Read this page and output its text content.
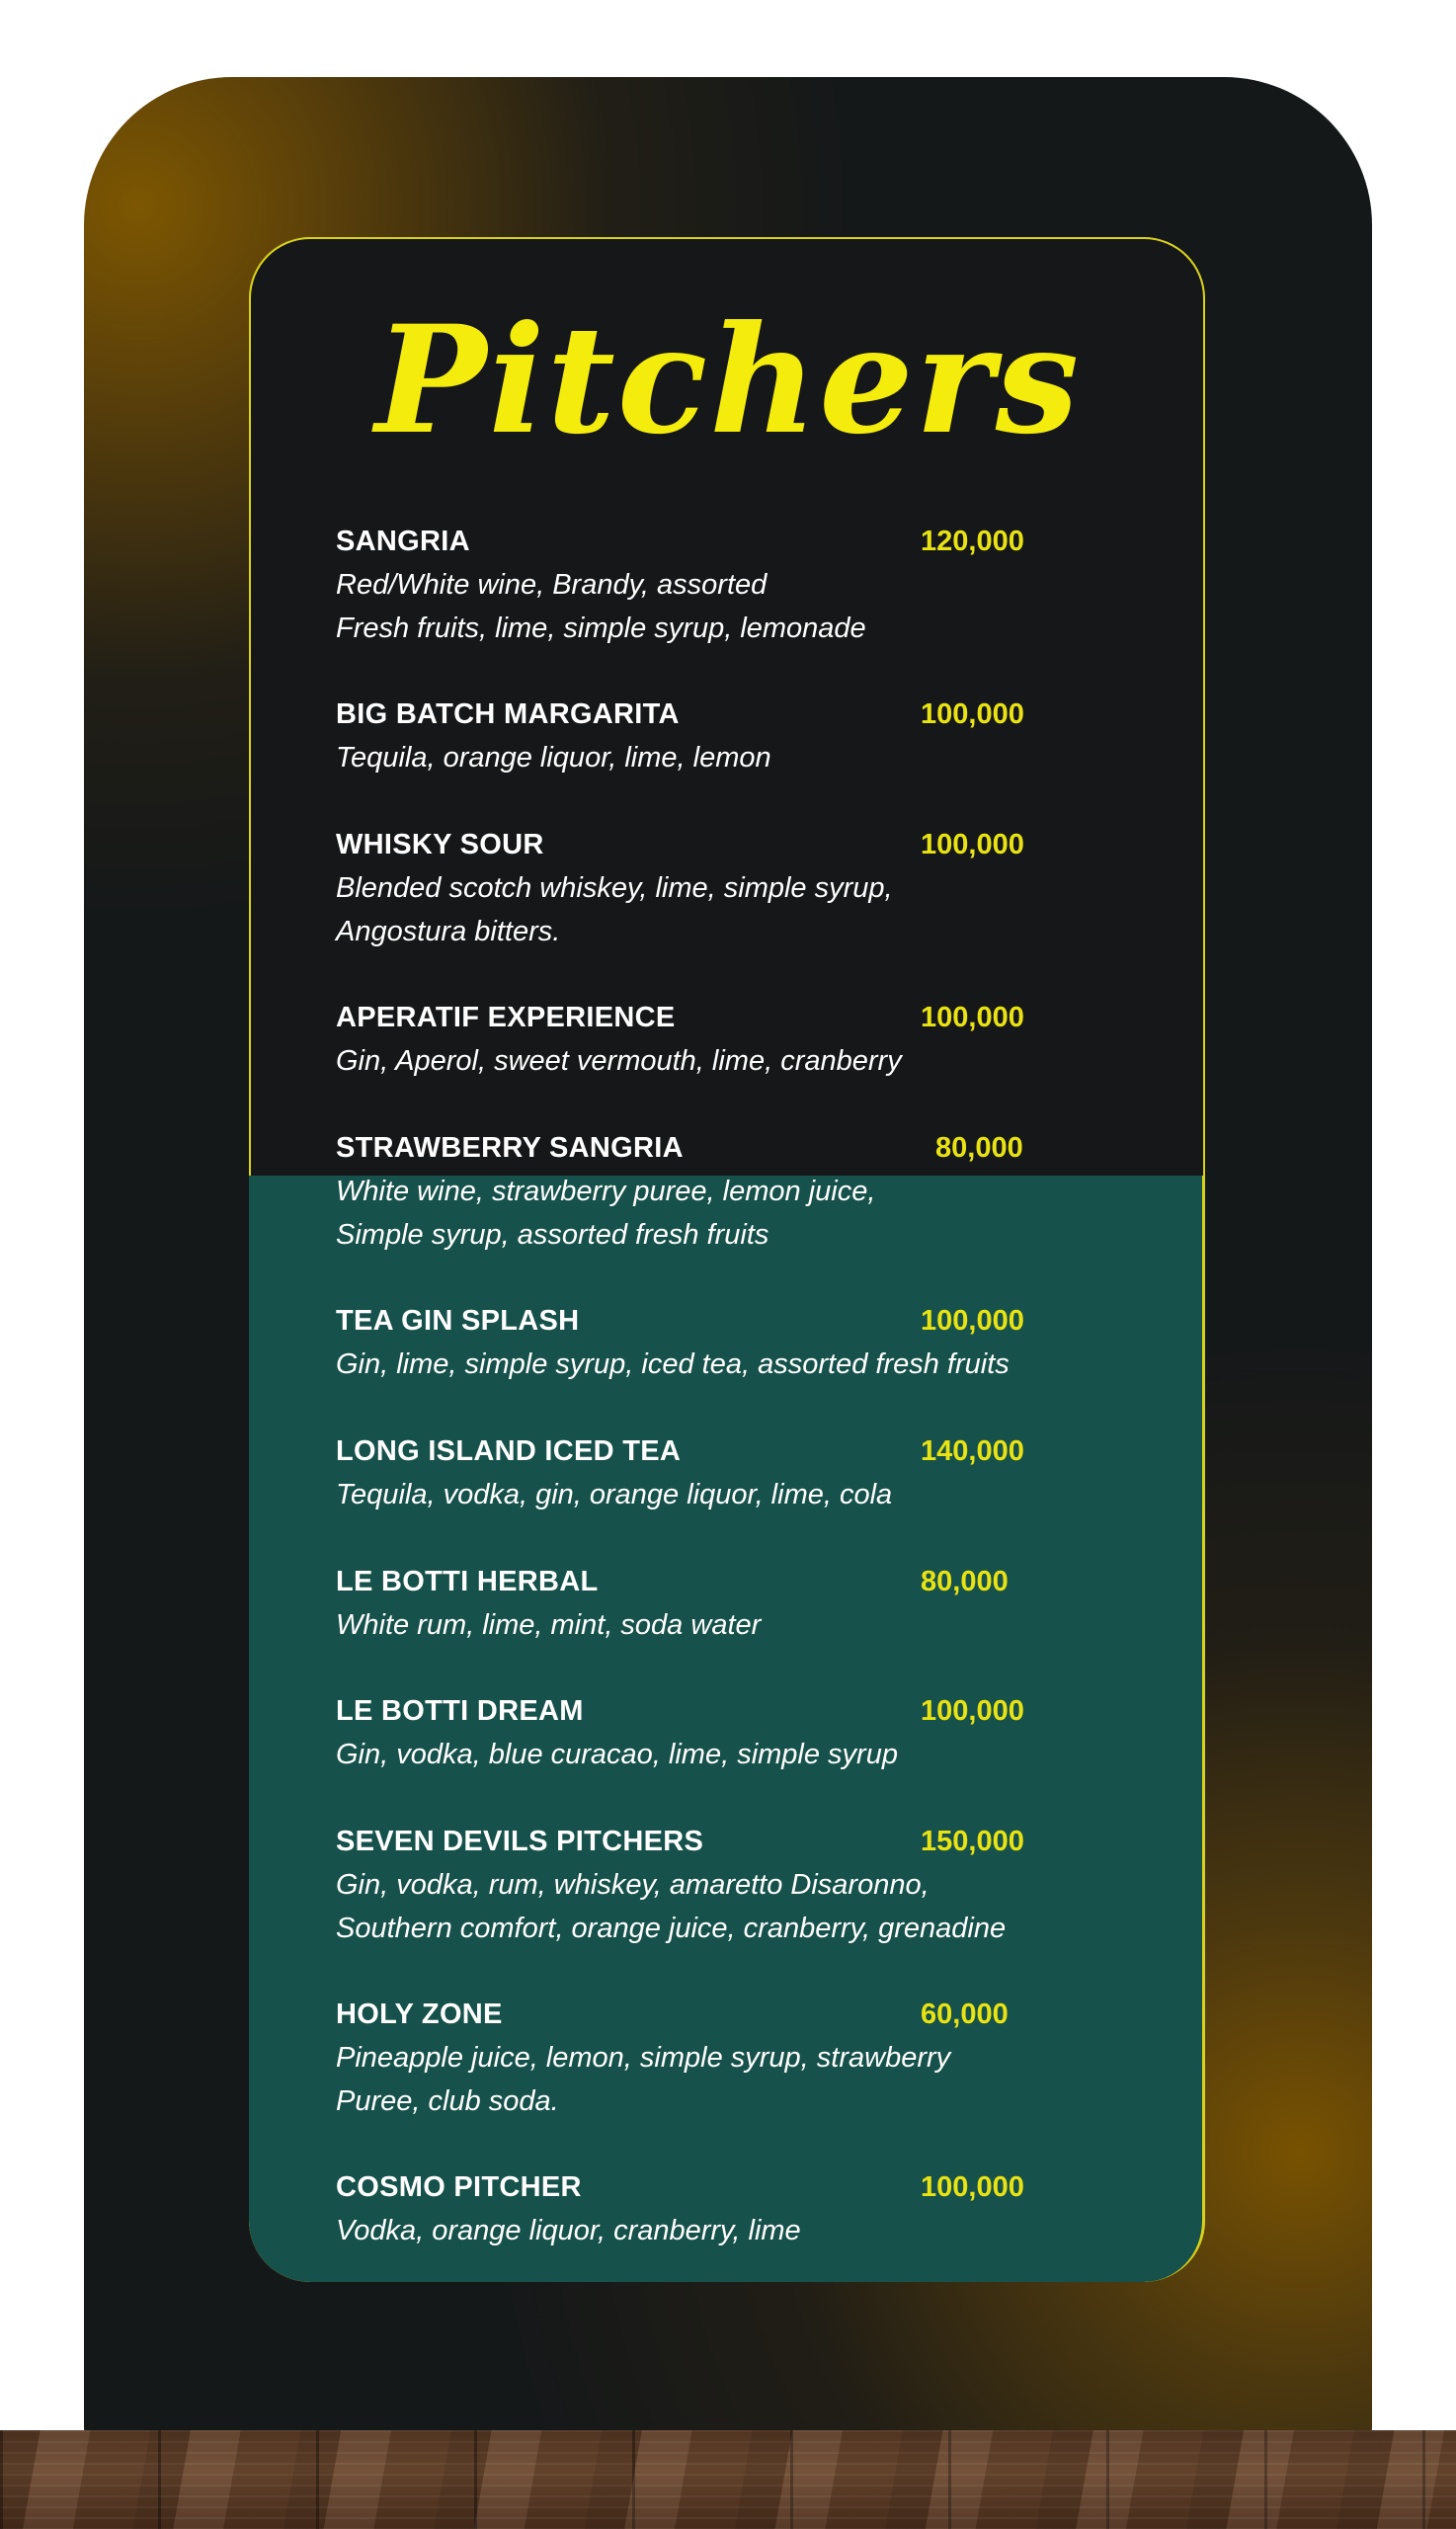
Pitchers
SANGRIA	120,000
Red/White wine, Brandy, assorted
Fresh fruits, lime, simple syrup, lemonade
BIG BATCH MARGARITA	100,000
Tequila, orange liquor, lime, lemon
WHISKY SOUR	100,000
Blended scotch whiskey, lime, simple syrup,
Angostura bitters.
APERATIF EXPERIENCE	100,000
Gin, Aperol, sweet vermouth, lime, cranberry
STRAWBERRY SANGRIA	80,000
White wine, strawberry puree, lemon juice,
Simple syrup, assorted fresh fruits
TEA GIN SPLASH	100,000
Gin, lime, simple syrup, iced tea, assorted fresh fruits
LONG ISLAND ICED TEA	140,000
Tequila, vodka, gin, orange liquor, lime, cola
LE BOTTI HERBAL	80,000
White rum, lime, mint, soda water
LE BOTTI DREAM	100,000
Gin, vodka, blue curacao, lime, simple syrup
SEVEN DEVILS PITCHERS	150,000
Gin, vodka, rum, whiskey, amaretto Disaronno,
Southern comfort, orange juice, cranberry, grenadine
HOLY ZONE	60,000
Pineapple juice, lemon, simple syrup, strawberry
Puree, club soda.
COSMO PITCHER	100,000
Vodka, orange liquor, cranberry, lime
